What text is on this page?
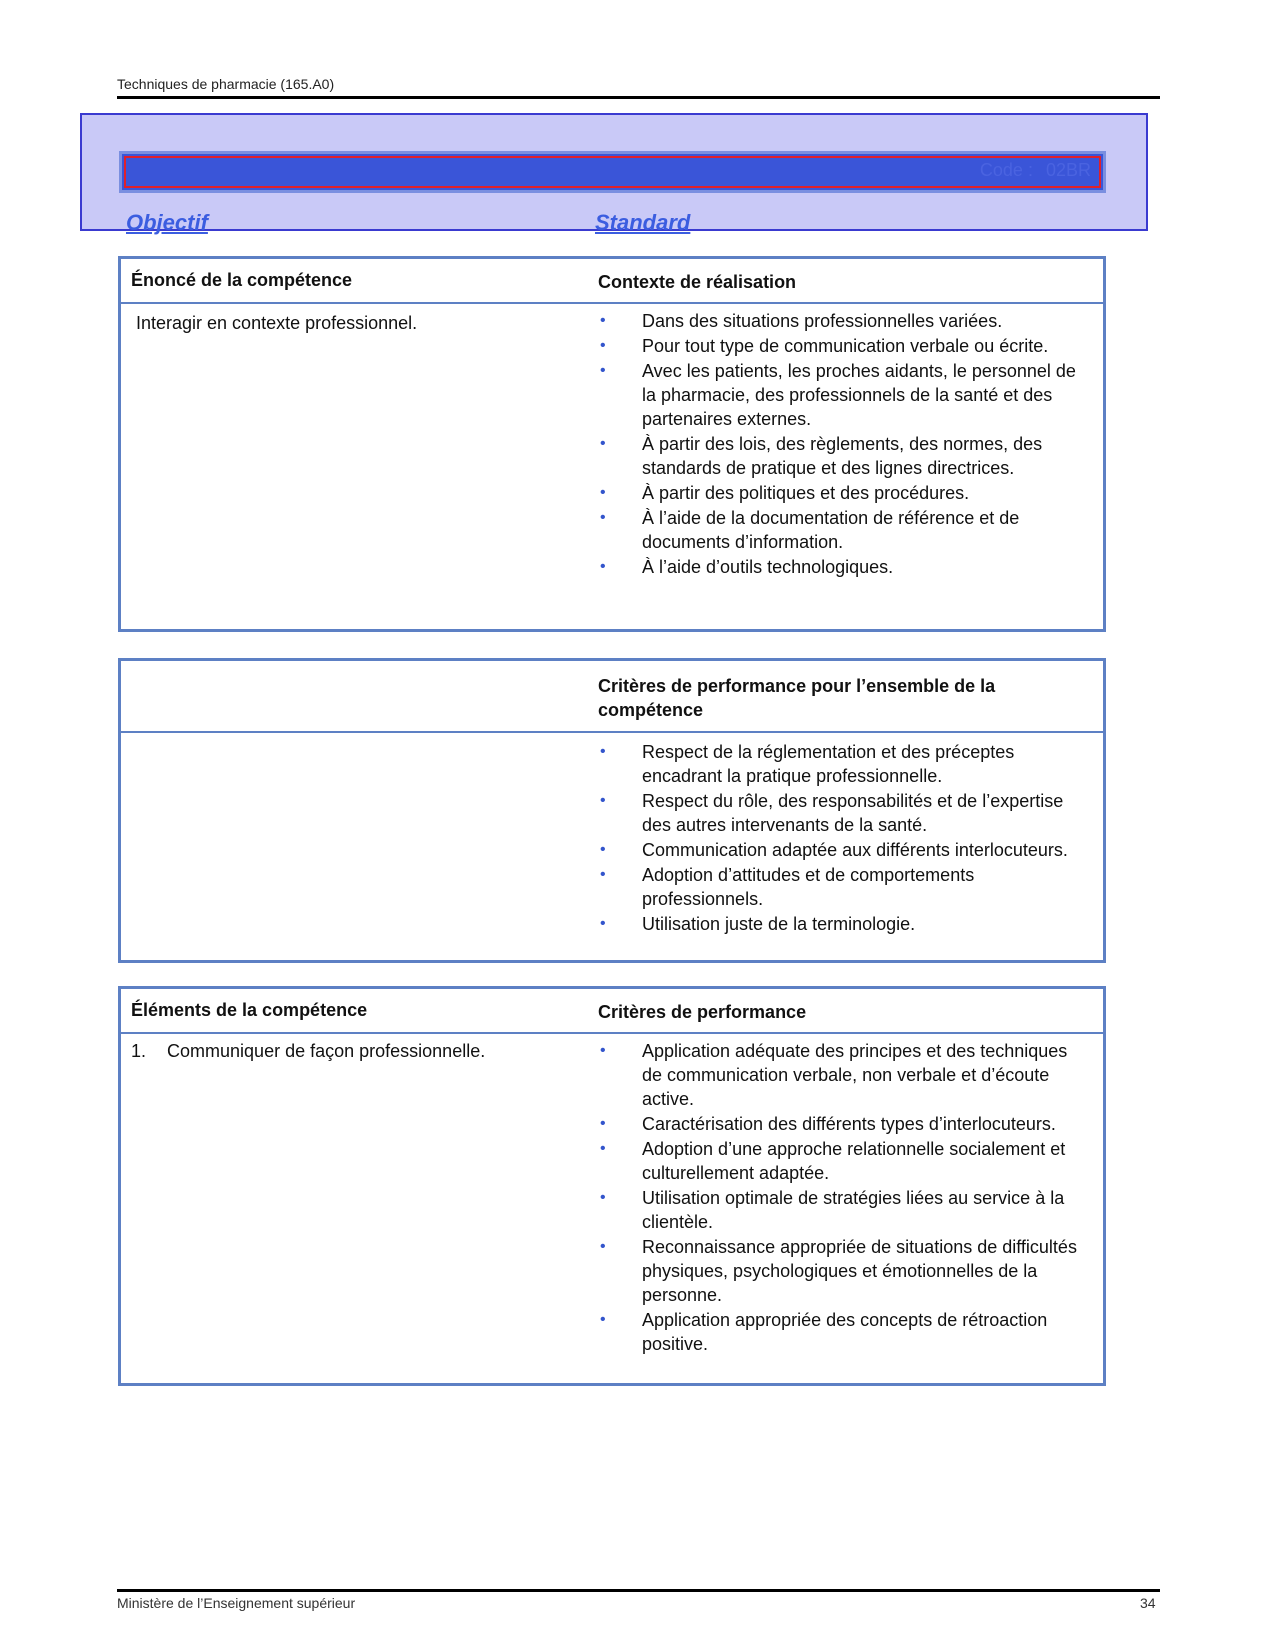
Techniques de pharmacie (165.A0)
Code : 02BR
Objectif	Standard
Énoncé de la compétence	Contexte de réalisation
Interagir en contexte professionnel.	• Dans des situations professionnelles variées.
• Pour tout type de communication verbale ou écrite.
• Avec les patients, les proches aidants, le personnel de la pharmacie, des professionnels de la santé et des partenaires externes.
• À partir des lois, des règlements, des normes, des standards de pratique et des lignes directrices.
• À partir des politiques et des procédures.
• À l’aide de la documentation de référence et de documents d’information.
• À l’aide d’outils technologiques.
Critères de performance pour l’ensemble de la compétence
• Respect de la réglementation et des préceptes encadrant la pratique professionnelle.
• Respect du rôle, des responsabilités et de l’expertise des autres intervenants de la santé.
• Communication adaptée aux différents interlocuteurs.
• Adoption d’attitudes et de comportements professionnels.
• Utilisation juste de la terminologie.
Éléments de la compétence	Critères de performance
1. Communiquer de façon professionnelle.	• Application adéquate des principes et des techniques de communication verbale, non verbale et d’écoute active.
• Caractérisation des différents types d’interlocuteurs.
• Adoption d’une approche relationnelle socialement et culturellement adaptée.
• Utilisation optimale de stratégies liées au service à la clientèle.
• Reconnaissance appropriée de situations de difficultés physiques, psychologiques et émotionnelles de la personne.
• Application appropriée des concepts de rétroaction positive.
Ministère de l’Enseignement supérieur	34
